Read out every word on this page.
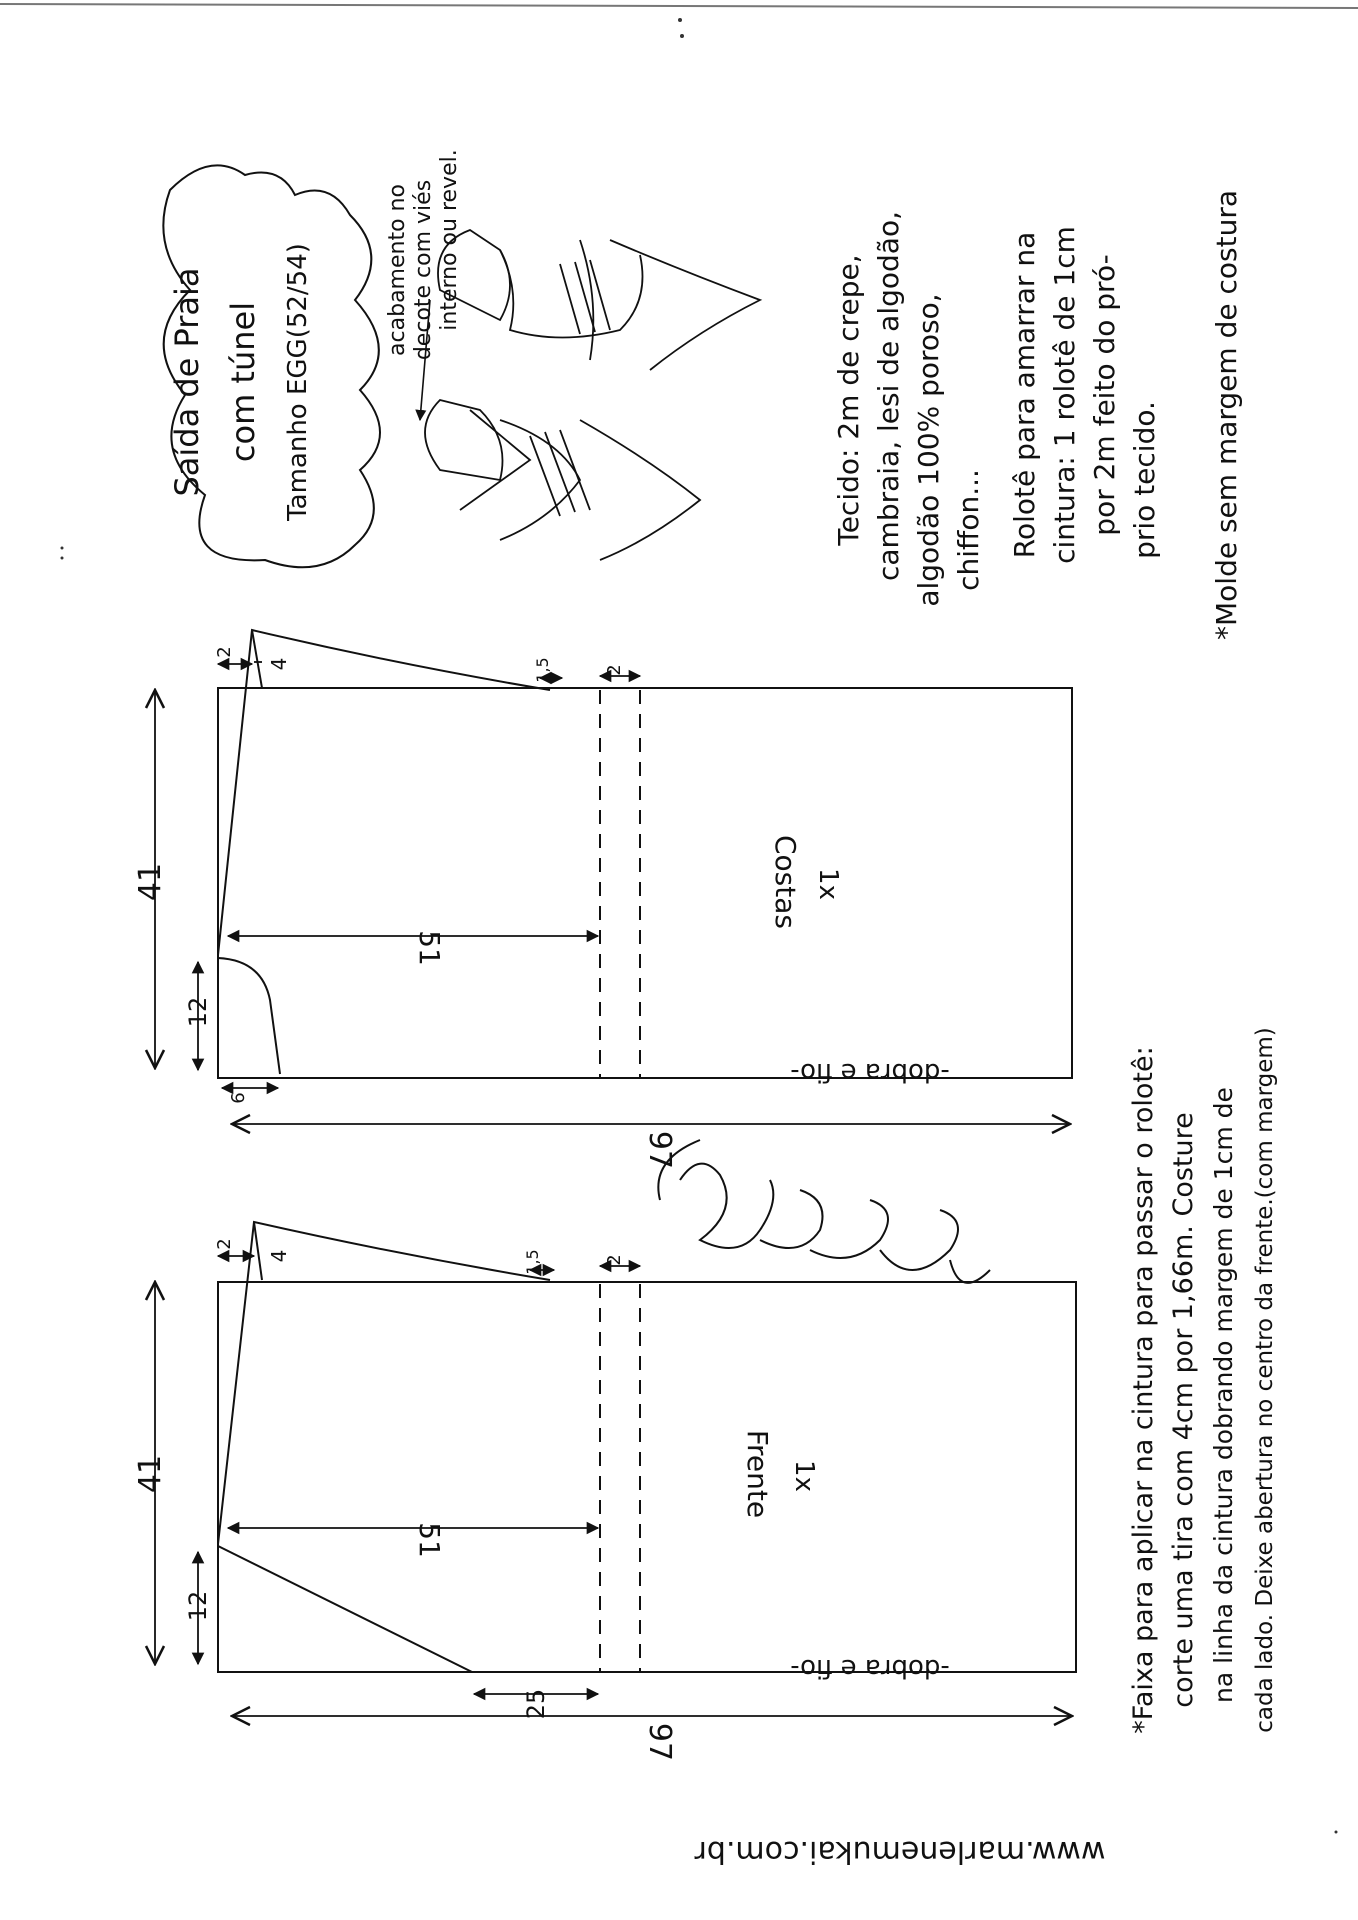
41
97
51
12
6
2
4	1,5	2
Costas 1x
-dobra e fio-
41
97
51
12
25
2
4	1,5	2
Frente 1x
-dobra e fio-
Saída de Praia com túnel Tamanho EGG(52/54)	acabamento no decote com viés interno ou revel.
Tecido: 2m de crepe, cambraia, lesi de algodão, algodão 100% poroso, chiffon... Rolotê para amarrar na cintura: 1 rolotê de 1cm por 2m feito do pró- prio tecido. *Molde sem margem de costura
*Faixa para aplicar na cintura para passar o rolotê: corte uma tira com 4cm por 1,66m. Costure na linha da cintura dobrando margem de 1cm de cada lado. Deixe abertura no centro da frente.(com margem)
www.marlenemukai.com.br
